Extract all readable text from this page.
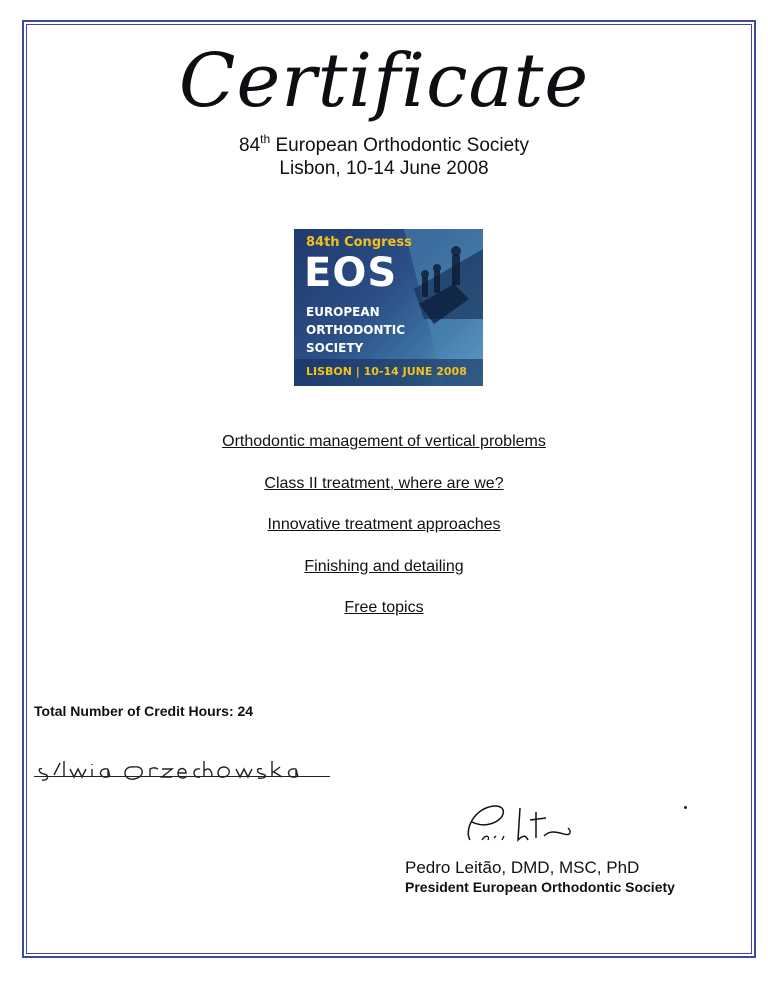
Certificate
84th European Orthodontic Society
Lisbon, 10-14 June 2008
84th Congress
EOS
EUROPEAN
ORTHODONTIC
SOCIETY
LISBON | 10-14 JUNE 2008
Orthodontic management of vertical problems
Class II treatment, where are we?
Innovative treatment approaches
Finishing and detailing
Free topics
Total Number of Credit Hours: 24
Pedro Leitão, DMD, MSC, PhD
President European Orthodontic Society
